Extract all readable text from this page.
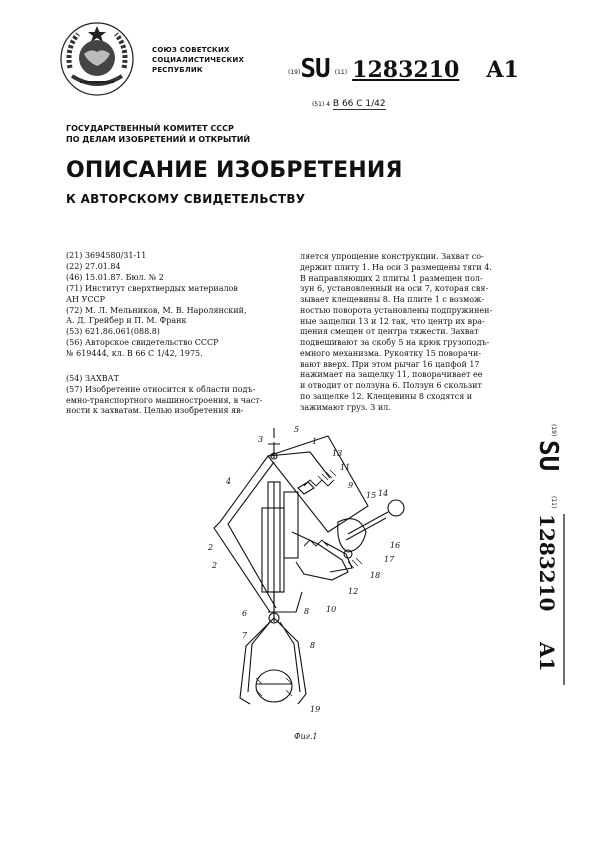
СОЮЗ СОВЕТСКИХ
СОЦИАЛИСТИЧЕСКИХ
РЕСПУБЛИК	(19)SU (11) 1283210 A1
(51) 4 В 66 С 1/42
ГОСУДАРСТВЕННЫЙ КОМИТЕТ СССР
ПО ДЕЛАМ ИЗОБРЕТЕНИЙ И ОТКРЫТИЙ
ОПИСАНИЕ ИЗОБРЕТЕНИЯ
К АВТОРСКОМУ СВИДЕТЕЛЬСТВУ
(21) 3694580/31-11
(22) 27.01.84
(46) 15.01.87. Бюл. № 2
(71) Институт сверхтвердых материалов
АН УССР
(72) М. Л. Мельников, М. В. Наролянский,
А. Д. Грейбер и П. М. Франк
(53) 621.86.061(088.8)
(56) Авторское свидетельство СССР
№ 619444, кл. В 66 С 1/42, 1975.
(54) ЗАХВАТ
(57) Изобретение относится к области подъ-
емно-транспортного машиностроения, в част-
ности к захватам. Целью изобретения яв-
ляется упрощение конструкции. Захват со-
держит плиту 1. На оси 3 размещены тяги 4.
В направляющих 2 плиты 1 размещен пол-
зун 6, установленный на оси 7, которая свя-
зывает клещевины 8. На плите 1 с возмож-
ностью поворота установлены подпружинен-
ные защелки 13 и 12 так, что центр их вра-
щения смещен от центра тяжести. Захват
подвешивают за скобу 5 на крюк грузоподъ-
емного механизма. Рукоятку 15 поворачи-
вают вверх. При этом рычаг 16 цапфой 17
нажимает на защелку 11, поворачивает ее
и отводит от ползуна 6. Ползун 6 скользит
по защелке 12. Клещевины 8 сходятся и
зажимают груз. 3 ил.
(19)
SU
(11)
1283210
A1
3
5
1
4
13
11
9
15 14
2
2
16
17
18
12
10
6	8
7
8
19
Фиг.1
